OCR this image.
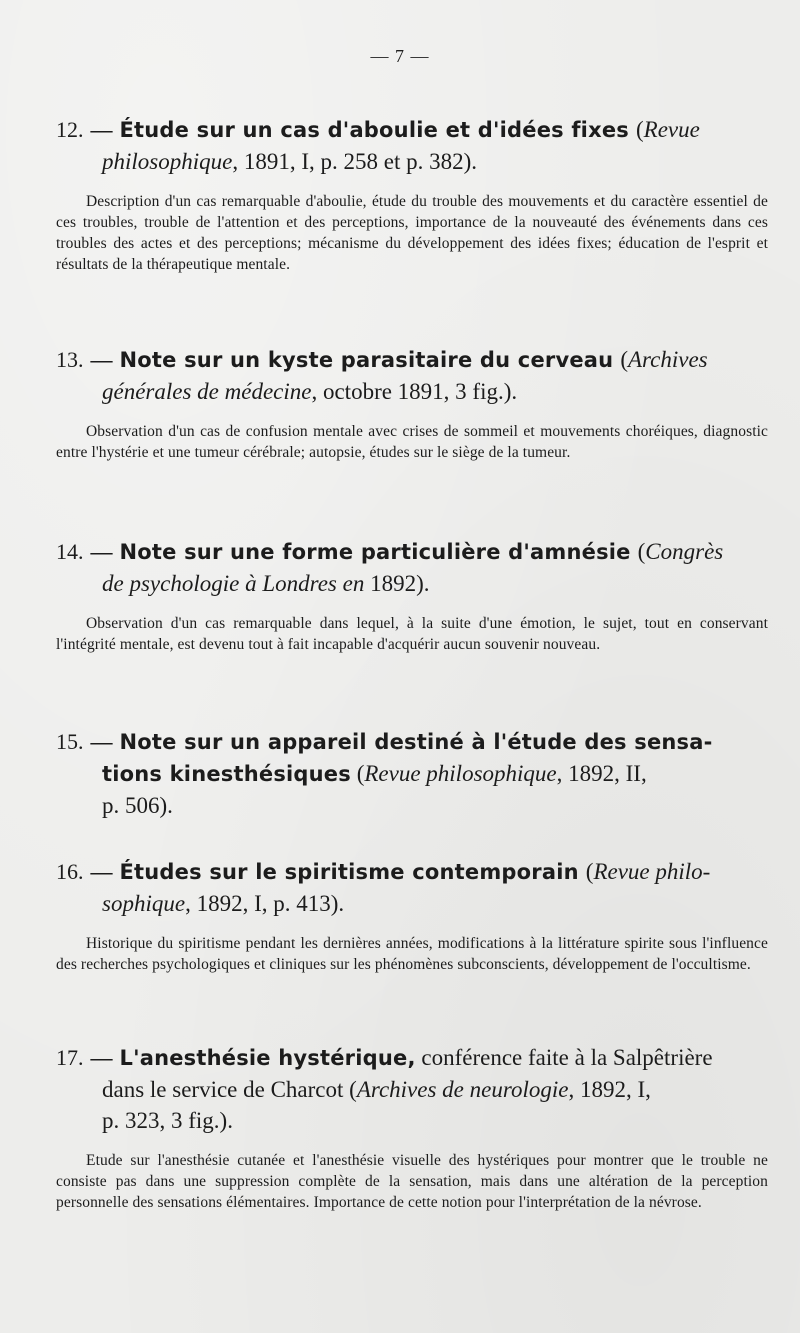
— 7 —

12. — Étude sur un cas d'aboulie et d'idées fixes (Revue
philosophique, 1891, I, p. 258 et p. 382).

Description d'un cas remarquable d'aboulie, étude du trouble des mouvements et du caractère essentiel de ces troubles, trouble de l'attention et des perceptions, importance de la nouveauté des événements dans ces troubles des actes et des perceptions; mécanisme du développement des idées fixes; éducation de l'esprit et résultats de la thérapeutique mentale.

13. — Note sur un kyste parasitaire du cerveau (Archives
générales de médecine, octobre 1891, 3 fig.).

Observation d'un cas de confusion mentale avec crises de sommeil et mouvements choréiques, diagnostic entre l'hystérie et une tumeur cérébrale; autopsie, études sur le siège de la tumeur.

14. — Note sur une forme particulière d'amnésie (Congrès
de psychologie à Londres en 1892).

Observation d'un cas remarquable dans lequel, à la suite d'une émotion, le sujet, tout en conservant l'intégrité mentale, est devenu tout à fait incapable d'acquérir aucun souvenir nouveau.

15. — Note sur un appareil destiné à l'étude des sensa-
tions kinesthésiques (Revue philosophique, 1892, II,
p. 506).

16. — Études sur le spiritisme contemporain (Revue philo-
sophique, 1892, I, p. 413).

Historique du spiritisme pendant les dernières années, modifications à la littérature spirite sous l'influence des recherches psychologiques et cliniques sur les phénomènes subconscients, développement de l'occultisme.

17. — L'anesthésie hystérique, conférence faite à la Salpêtrière
dans le service de Charcot (Archives de neurologie, 1892, I,
p. 323, 3 fig.).

Etude sur l'anesthésie cutanée et l'anesthésie visuelle des hystériques pour montrer que le trouble ne consiste pas dans une suppression complète de la sensation, mais dans une altération de la perception personnelle des sensations élémentaires. Importance de cette notion pour l'interprétation de la névrose.
